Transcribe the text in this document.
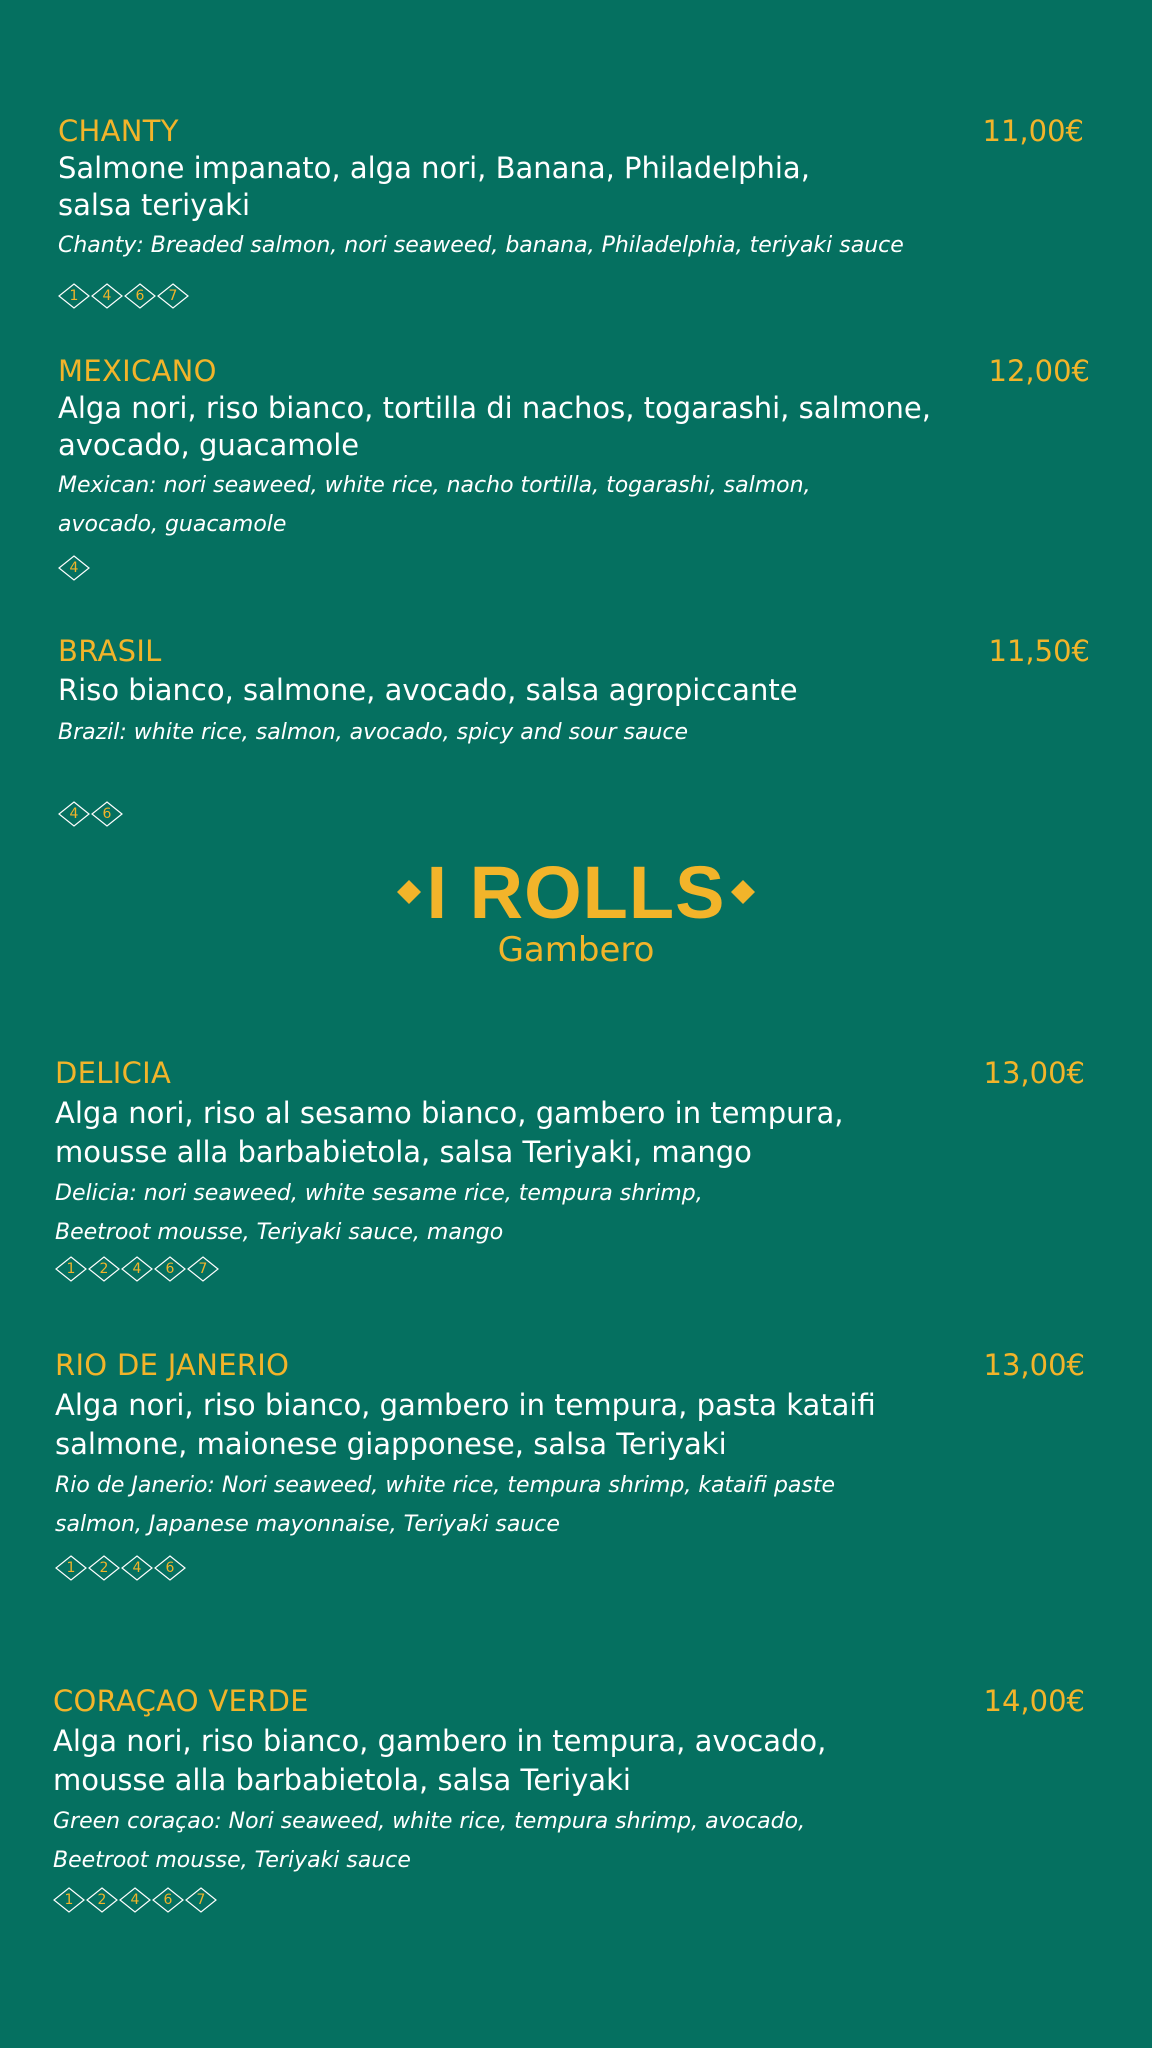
CHANTY	11,00€
Salmone impanato, alga nori, Banana, Philadelphia,
salsa teriyaki
Chanty: Breaded salmon, nori seaweed, banana, Philadelphia, teriyaki sauce
1 4 6 7
MEXICANO	12,00€
Alga nori, riso bianco, tortilla di nachos, togarashi, salmone,
avocado, guacamole
Mexican: nori seaweed, white rice, nacho tortilla, togarashi, salmon,
avocado, guacamole
4
BRASIL	11,50€
Riso bianco, salmone, avocado, salsa agropiccante
Brazil: white rice, salmon, avocado, spicy and sour sauce
4 6
I ROLLS
Gambero
DELICIA	13,00€
Alga nori, riso al sesamo bianco, gambero in tempura,
mousse alla barbabietola, salsa Teriyaki, mango
Delicia: nori seaweed, white sesame rice, tempura shrimp,
Beetroot mousse, Teriyaki sauce, mango
1 2 4 6 7
RIO DE JANERIO	13,00€
Alga nori, riso bianco, gambero in tempura, pasta kataifi
salmone, maionese giapponese, salsa Teriyaki
Rio de Janerio: Nori seaweed, white rice, tempura shrimp, kataifi paste
salmon, Japanese mayonnaise, Teriyaki sauce
1 2 4 6
CORAÇAO VERDE	14,00€
Alga nori, riso bianco, gambero in tempura, avocado,
mousse alla barbabietola, salsa Teriyaki
Green coraçao: Nori seaweed, white rice, tempura shrimp, avocado,
Beetroot mousse, Teriyaki sauce
1 2 4 6 7
